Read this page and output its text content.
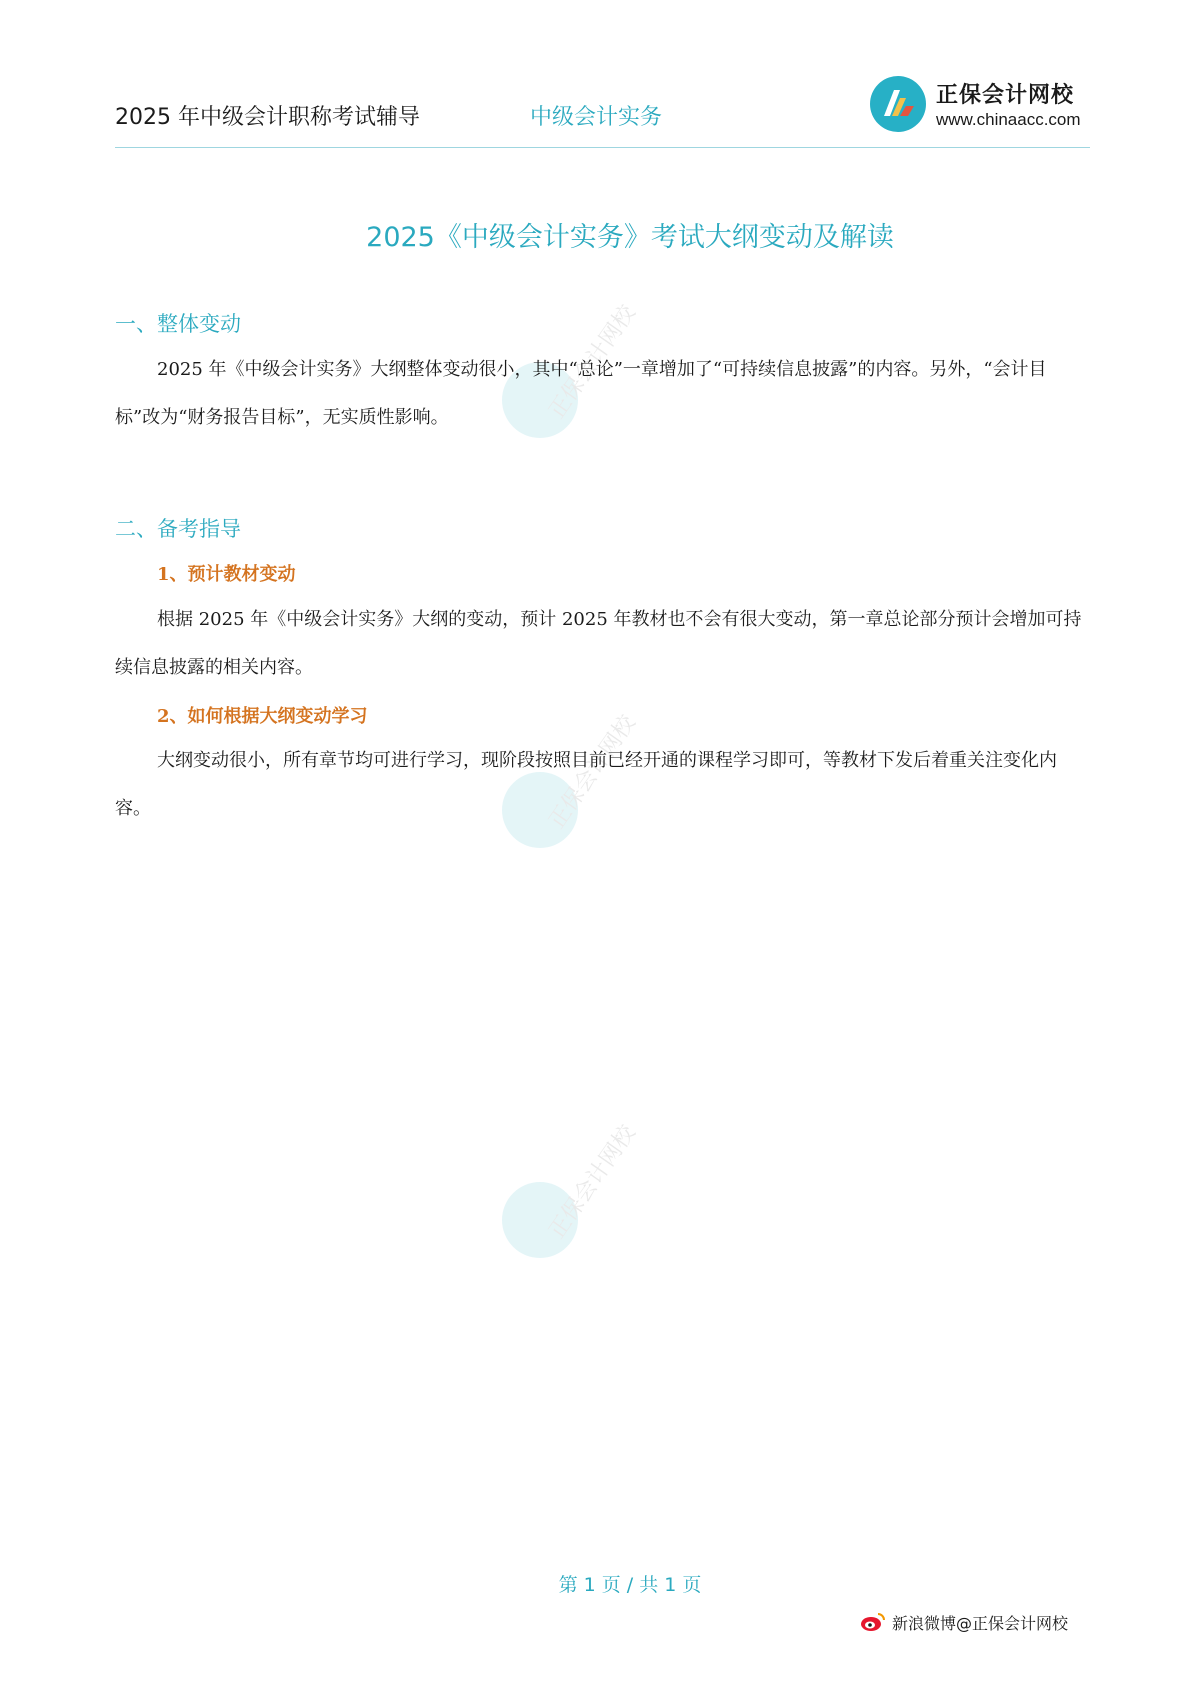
2025 年中级会计职称考试辅导	中级会计实务
正保会计网校
www.chinaacc.com
正保会计网校
正保会计网校
正保会计网校
2025《中级会计实务》考试大纲变动及解读
一、整体变动
2025 年《中级会计实务》大纲整体变动很小，其中“总论”一章增加了“可持续信息披露”的内容。另外，“会计目标”改为“财务报告目标”，无实质性影响。
二、备考指导
1、预计教材变动
根据 2025 年《中级会计实务》大纲的变动，预计 2025 年教材也不会有很大变动，第一章总论部分预计会增加可持续信息披露的相关内容。
2、如何根据大纲变动学习
大纲变动很小，所有章节均可进行学习，现阶段按照目前已经开通的课程学习即可，等教材下发后着重关注变化内容。
第 1 页 / 共 1 页
新浪微博@正保会计网校
